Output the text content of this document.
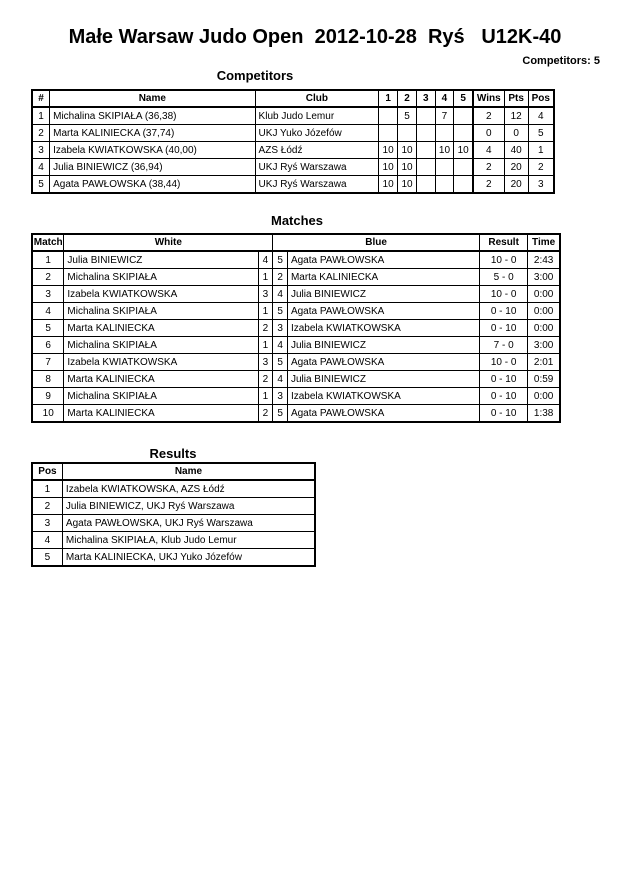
Małe Warsaw Judo Open  2012-10-28  Ryś   U12K-40
Competitors: 5
Competitors
#	Name	Club	1	2	3	4	5	Wins	Pts	Pos
1	Michalina SKIPIAŁA (36,38)	Klub Judo Lemur		5		7		2	12	4
2	Marta KALINIECKA (37,74)	UKJ Yuko Józefów						0	0	5
3	Izabela KWIATKOWSKA (40,00)	AZS Łódź	10	10		10	10	4	40	1
4	Julia BINIEWICZ (36,94)	UKJ Ryś Warszawa	10	10				2	20	2
5	Agata PAWŁOWSKA (38,44)	UKJ Ryś Warszawa	10	10				2	20	3
Matches
Match	White		Blue		Result	Time
1	Julia BINIEWICZ	4	5	Agata PAWŁOWSKA	10 - 0	2:43
2	Michalina SKIPIAŁA	1	2	Marta KALINIECKA	5 - 0	3:00
3	Izabela KWIATKOWSKA	3	4	Julia BINIEWICZ	10 - 0	0:00
4	Michalina SKIPIAŁA	1	5	Agata PAWŁOWSKA	0 - 10	0:00
5	Marta KALINIECKA	2	3	Izabela KWIATKOWSKA	0 - 10	0:00
6	Michalina SKIPIAŁA	1	4	Julia BINIEWICZ	7 - 0	3:00
7	Izabela KWIATKOWSKA	3	5	Agata PAWŁOWSKA	10 - 0	2:01
8	Marta KALINIECKA	2	4	Julia BINIEWICZ	0 - 10	0:59
9	Michalina SKIPIAŁA	1	3	Izabela KWIATKOWSKA	0 - 10	0:00
10	Marta KALINIECKA	2	5	Agata PAWŁOWSKA	0 - 10	1:38
Results
Pos	Name
1	Izabela KWIATKOWSKA, AZS Łódź
2	Julia BINIEWICZ, UKJ Ryś Warszawa
3	Agata PAWŁOWSKA, UKJ Ryś Warszawa
4	Michalina SKIPIAŁA, Klub Judo Lemur
5	Marta KALINIECKA, UKJ Yuko Józefów
